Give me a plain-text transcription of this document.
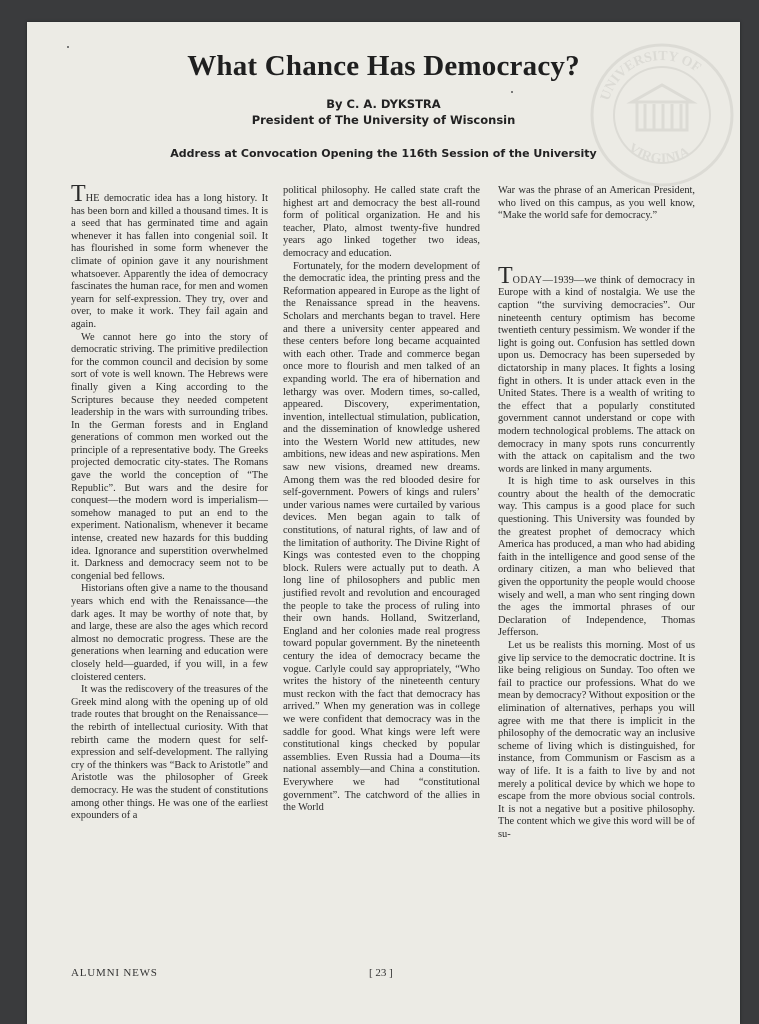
UNIVERSITY OF
VIRGINIA
What Chance Has Democracy?
By C. A. DYKSTRA
President of The University of Wisconsin
Address at Convocation Opening the 116th Session of the University

THE democratic idea has a long history. It has been born and killed a thousand times. It is a seed that has germinated time and again whenever it has fallen into congenial soil. It has flourished in some form whenever the climate of opinion gave it any nourishment whatsoever. Apparently the idea of democracy fascinates the human race, for men and women yearn for self-expression. They try, over and over, to make it work. They fail again and again.

We cannot here go into the story of democratic striving. The primitive predilection for the common council and decision by some sort of vote is well known. The Hebrews were finally given a King according to the Scriptures because they needed competent leadership in the wars with surrounding tribes. In the German forests and in England generations of common men worked out the principle of a representative body. The Greeks projected democratic city-states. The Romans gave the world the conception of “The Republic”. But wars and the desire for conquest—the modern word is imperialism—somehow managed to put an end to the experiment. Nationalism, whenever it became intense, created new hazards for this budding idea. Ignorance and superstition overwhelmed it. Darkness and democracy seem not to be congenial bed fellows.

Historians often give a name to the thousand years which end with the Renaissance—the dark ages. It may be worthy of note that, by and large, these are also the ages which record almost no democratic progress. These are the generations when learning and education were closely held—guarded, if you will, in a few cloistered centers.

It was the rediscovery of the treasures of the Greek mind along with the opening up of old trade routes that brought on the Renaissance—the rebirth of intellectual curiosity. With that rebirth came the modern quest for self-expression and self-development. The rallying cry of the thinkers was “Back to Aristotle” and Aristotle was the philosopher of Greek democracy. He was the student of constitutions among other things. He was one of the earliest expounders of a

political philosophy. He called state craft the highest art and democracy the best all-round form of political organization. He and his teacher, Plato, almost twenty-five hundred years ago linked together two ideas, democracy and education.

Fortunately, for the modern development of the democratic idea, the printing press and the Reformation appeared in Europe as the light of the Renaissance spread in the heavens. Scholars and merchants began to travel. Here and there a university center appeared and these centers before long became acquainted with each other. Trade and commerce began once more to flourish and men talked of an expanding world. The era of hibernation and lethargy was over. Modern times, so-called, appeared. Discovery, experimentation, invention, intellectual stimulation, publication, and the dissemination of knowledge ushered into the Western World new attitudes, new ambitions, new ideas and new aspirations. Men saw new visions, dreamed new dreams. Among them was the red blooded desire for self-government. Powers of kings and rulers’ under various names were curtailed by various devices. Men began again to talk of constitutions, of natural rights, of law and of the limitation of authority. The Divine Right of Kings was contested even to the chopping block. Rulers were actually put to death. A long line of philosophers and public men justified revolt and revolution and encouraged the people to take the process of ruling into their own hands. Holland, Switzerland, England and her colonies made real progress toward popular government. By the nineteenth century the idea of democracy became the vogue. Carlyle could say appropriately, “Who writes the history of the nineteenth century must reckon with the fact that democracy has arrived.” When my generation was in college we were confident that democracy was in the saddle for good. What kings were left were constitutional kings checked by popular assemblies. Even Russia had a Douma—its national assembly—and China a constitution. Everywhere we had “constitutional government”. The catchword of the allies in the World

War was the phrase of an American President, who lived on this campus, as you well know, “Make the world safe for democracy.”

TODAY—1939—we think of democracy in Europe with a kind of nostalgia. We use the caption “the surviving democracies”. Our nineteenth century optimism has become twentieth century pessimism. We wonder if the light is going out. Confusion has settled down upon us. Democracy has been superseded by dictatorship in many places. It fights a losing fight in others. It is under attack even in the United States. There is a wealth of writing to the effect that a popularly constituted government cannot understand or cope with modern technological problems. The attack on democracy in many spots runs concurrently with the attack on capitalism and the two words are linked in many arguments.

It is high time to ask ourselves in this country about the health of the democratic way. This campus is a good place for such questioning. This University was founded by the greatest prophet of democracy which America has produced, a man who had abiding faith in the intelligence and good sense of the ordinary citizen, a man who believed that given the opportunity the people would choose wisely and well, a man who sent ringing down the ages the immortal phrases of our Declaration of Independence, Thomas Jefferson.

Let us be realists this morning. Most of us give lip service to the democratic doctrine. It is like being religious on Sunday. Too often we fail to practice our professions. What do we mean by democracy? Without exposition or the elimination of alternatives, perhaps you will agree with me that there is implicit in the philosophy of the democratic way an inclusive scheme of living which is distinguished, for instance, from Communism or Fascism as a way of life. It is a faith to live by and not merely a political device by which we hope to escape from the more obvious social controls. It is not a negative but a positive philosophy. The content which we give this word will be of su-

ALUMNI NEWS	[ 23 ]
